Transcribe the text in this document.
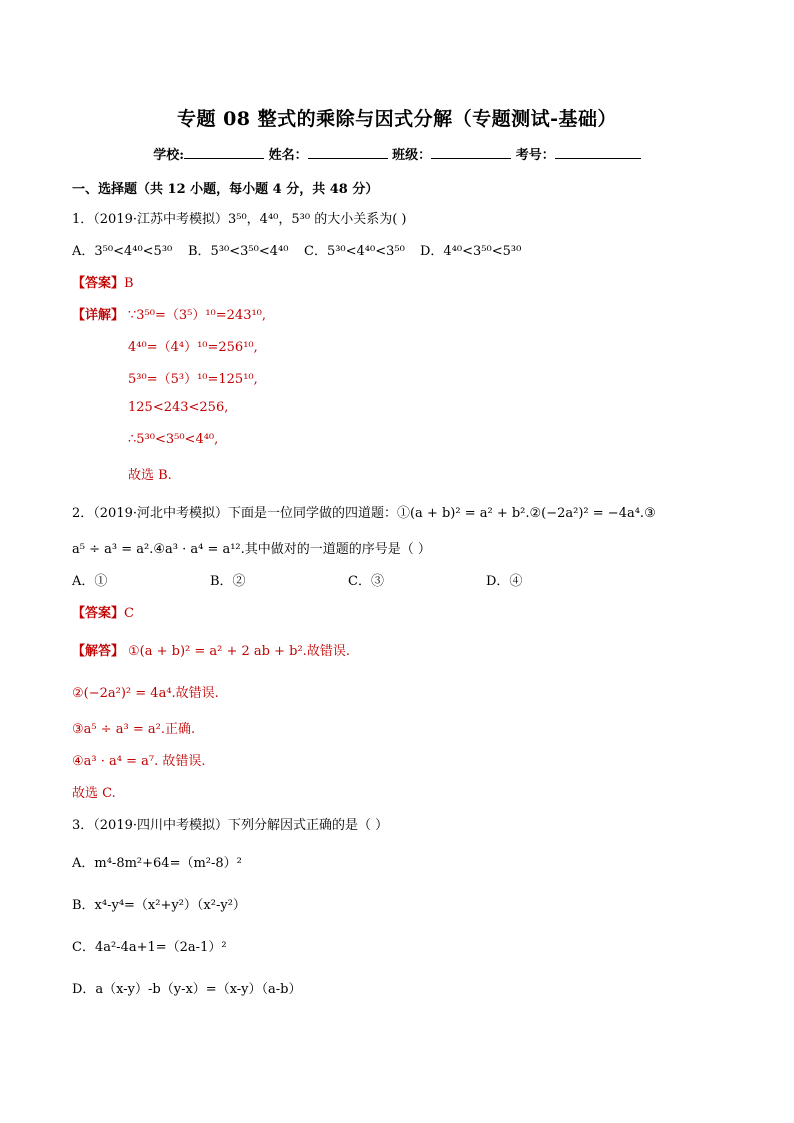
专题 08 整式的乘除与因式分解（专题测试-基础）
学校:	姓名：	班级：	考号：
一、选择题（共 12 小题，每小题 4 分，共 48 分）
1．（2019·江苏中考模拟）3⁵⁰，4⁴⁰，5³⁰ 的大小关系为( )
A．3⁵⁰<4⁴⁰<5³⁰ B．5³⁰<3⁵⁰<4⁴⁰ C．5³⁰<4⁴⁰<3⁵⁰ D．4⁴⁰<3⁵⁰<5³⁰
【答案】B
【详解】 ∵3⁵⁰=（3⁵）¹⁰=243¹⁰,
4⁴⁰=（4⁴）¹⁰=256¹⁰,
5³⁰=（5³）¹⁰=125¹⁰,
125<243<256,
∴5³⁰<3⁵⁰<4⁴⁰,
故选 B.
2．（2019·河北中考模拟）下面是一位同学做的四道题：①(a + b)² = a² + b².②(−2a²)² = −4a⁴.③
a⁵ ÷ a³ = a².④a³ · a⁴ = a¹².其中做对的一道题的序号是（ ）
A．①	B．②	C．③	D．④
【答案】C
【解答】 ①(a + b)² = a² + 2 ab + b².故错误.
②(−2a²)² = 4a⁴.故错误.
③a⁵ ÷ a³ = a².正确.
④a³ · a⁴ = a⁷. 故错误.
故选 C.
3．（2019·四川中考模拟）下列分解因式正确的是（ ）
A．m⁴-8m²+64=（m²-8）²
B．x⁴-y⁴=（x²+y²）（x²-y²）
C．4a²-4a+1=（2a-1）²
D．a（x-y）-b（y-x）=（x-y）（a-b）
